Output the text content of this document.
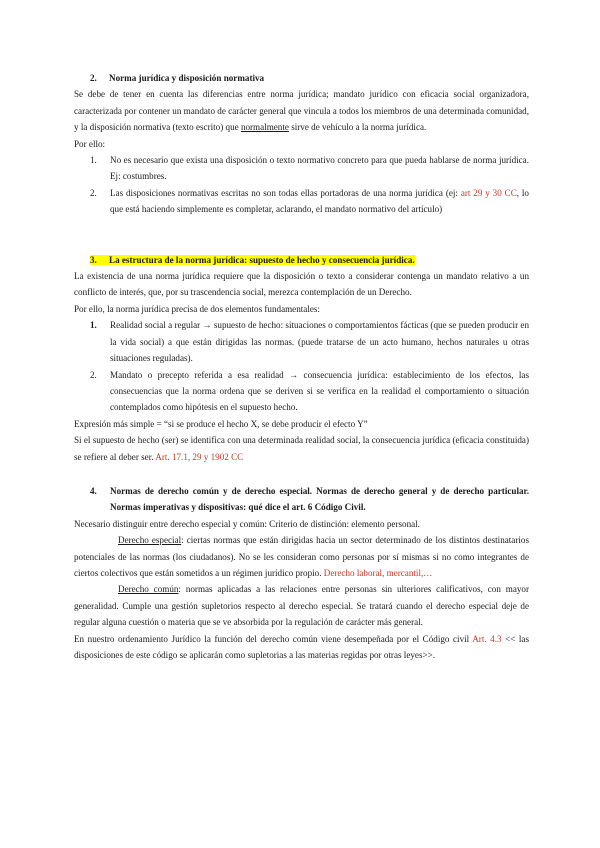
2. Norma jurídica y disposición normativa

Se debe de tener en cuenta las diferencias entre norma jurídica; mandato jurídico con eficacia social organizadora, caracterizada por contener un mandato de carácter general que vincula a todos los miembros de una determinada comunidad, y la disposición normativa (texto escrito) que normalmente sirve de vehículo a la norma jurídica.

Por ello:

1. No es necesario que exista una disposición o texto normativo concreto para que pueda hablarse de norma jurídica. Ej: costumbres.
2. Las disposiciones normativas escritas no son todas ellas portadoras de una norma jurídica (ej: art 29 y 30 CC, lo que está haciendo simplemente es completar, aclarando, el mandato normativo del artículo)

3. La estructura de la norma jurídica: supuesto de hecho y consecuencia jurídica.

La existencia de una norma jurídica requiere que la disposición o texto a considerar contenga un mandato relativo a un conflicto de interés, que, por su trascendencia social, merezca contemplación de un Derecho.

Por ello, la norma jurídica precisa de dos elementos fundamentales:

1. Realidad social a regular → supuesto de hecho: situaciones o comportamientos fácticas (que se pueden producir en la vida social) a que están dirigidas las normas. (puede tratarse de un acto humano, hechos naturales u otras situaciones reguladas).
2. Mandato o precepto referida a esa realidad → consecuencia jurídica: establecimiento de los efectos, las consecuencias que la norma ordena que se deriven si se verifica en la realidad el comportamiento o situación contemplados como hipótesis en el supuesto hecho.

Expresión más simple = “si se produce el hecho X, se debe producir el efecto Y”

Si el supuesto de hecho (ser) se identifica con una determinada realidad social, la consecuencia jurídica (eficacia constituida) se refiere al deber ser. Art. 17.1, 29 y 1902 CC

4.	Normas de derecho común y de derecho especial. Normas de derecho general y de derecho particular. Normas imperativas y dispositivas: qué dice el art. 6 Código Civil.

Necesario distinguir entre derecho especial y común: Criterio de distinción: elemento personal.

Derecho especial: ciertas normas que están dirigidas hacia un sector determinado de los distintos destinatarios potenciales de las normas (los ciudadanos). No se les consideran como personas por sí mismas si no como integrantes de ciertos colectivos que están sometidos a un régimen jurídico propio. Derecho laboral, mercantil,…

Derecho común: normas aplicadas a las relaciones entre personas sin ulteriores calificativos, con mayor generalidad. Cumple una gestión supletorios respecto al derecho especial. Se tratará cuando el derecho especial deje de regular alguna cuestión o materia que se ve absorbida por la regulación de carácter más general.

En nuestro ordenamiento Jurídico la función del derecho común viene desempeñada por el Código civil Art. 4.3 << las disposiciones de este código se aplicarán como supletorias a las materias regidas por otras leyes>>.
